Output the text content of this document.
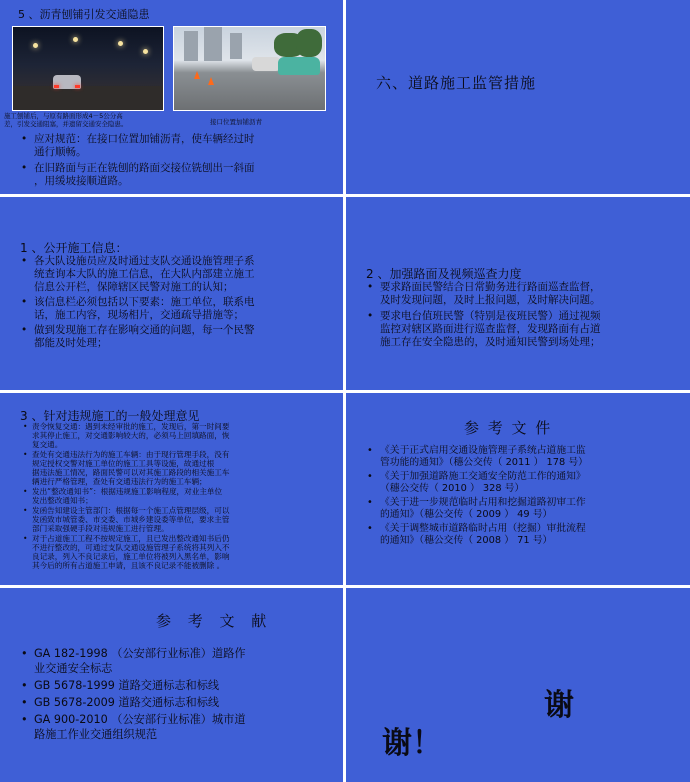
5 、沥青刨铺引发交通隐患
施工刨铺后，与原有路面形成4－5公分高
差，引发交通阻塞，并遗留交通安全隐患。	接口位置加铺沥青
• 应对规范：在接口位置加铺沥青，使车辆经过时
通行顺畅。
• 在旧路面与正在铣刨的路面交接位铣刨出一斜面
，用缓坡接顺道路。
六、道路施工监管措施
1 、公开施工信息：
• 各大队设施员应及时通过支队交通设施管理子系
统查询本大队的施工信息，在大队内部建立施工
信息公开栏，保障辖区民警对施工的认知；
• 该信息栏必须包括以下要素：施工单位，联系电
话，施工内容，现场相片，交通疏导措施等；
• 做到发现施工存在影响交通的问题，每一个民警
都能及时处理；
2 、加强路面及视频巡查力度
• 要求路面民警结合日常勤务进行路面巡查监督，
及时发现问题，及时上报问题，及时解决问题。
• 要求电台值班民警（特别是夜班民警）通过视频
监控对辖区路面进行巡查监督，发现路面有占道
施工存在安全隐患的，及时通知民警到场处理；
3 、针对违规施工的一般处理意见
• 责令恢复交通：遇到未经审批的施工，发现后，第一时间要
求其停止施工，对交通影响较大的，必须马上回填路面，恢
复交通。
• 查处有交通违法行为的施工车辆：由于现行管理手段，没有
规定授权交警对施工单位的施工工具等设施，故通过根
据违法施工情况，路面民警可以对其施工路段的相关施工车
辆进行严格管理，查处有交通违法行为的施工车辆；
• 发出“整改通知书”：根据违规施工影响程度，对业主单位
发出整改通知书；
• 发函告知建设主管部门：根据每一个施工点管理层级，可以
发函致市城管委、市交委、市城乡建设委等单位，要求主管
部门采取强硬手段对违规施工进行管理。
• 对于占道施工工程不按规定施工，且已发出整改通知书后仍
不进行整改的，可通过支队交通设施管理子系统将其列入不
良记录，列入不良记录后，施工单位将被列入黑名单，影响
其今后的所有占道施工申请，且该不良记录不能被删除 。
参 考 文 件
• 《关于正式启用交通设施管理子系统占道施工监
管功能的通知》（穗公交传（ 2011 ） 178 号）
• 《关于加强道路施工交通安全防范工作的通知》
（穗公交传（ 2010 ） 328 号）
• 《关于进一步规范临时占用和挖掘道路初审工作
的通知》（穗公交传（ 2009 ） 49 号）
• 《关于调整城市道路临时占用（挖掘）审批流程
的通知》（穗公交传（ 2008 ） 71 号）
参 考 文 献
• GA 182-1998 （公安部行业标准）道路作
业交通安全标志
• GB 5678-1999 道路交通标志和标线
• GB 5678-2009 道路交通标志和标线
• GA 900-2010 （公安部行业标准）城市道
路施工作业交通组织规范
谢
谢！
